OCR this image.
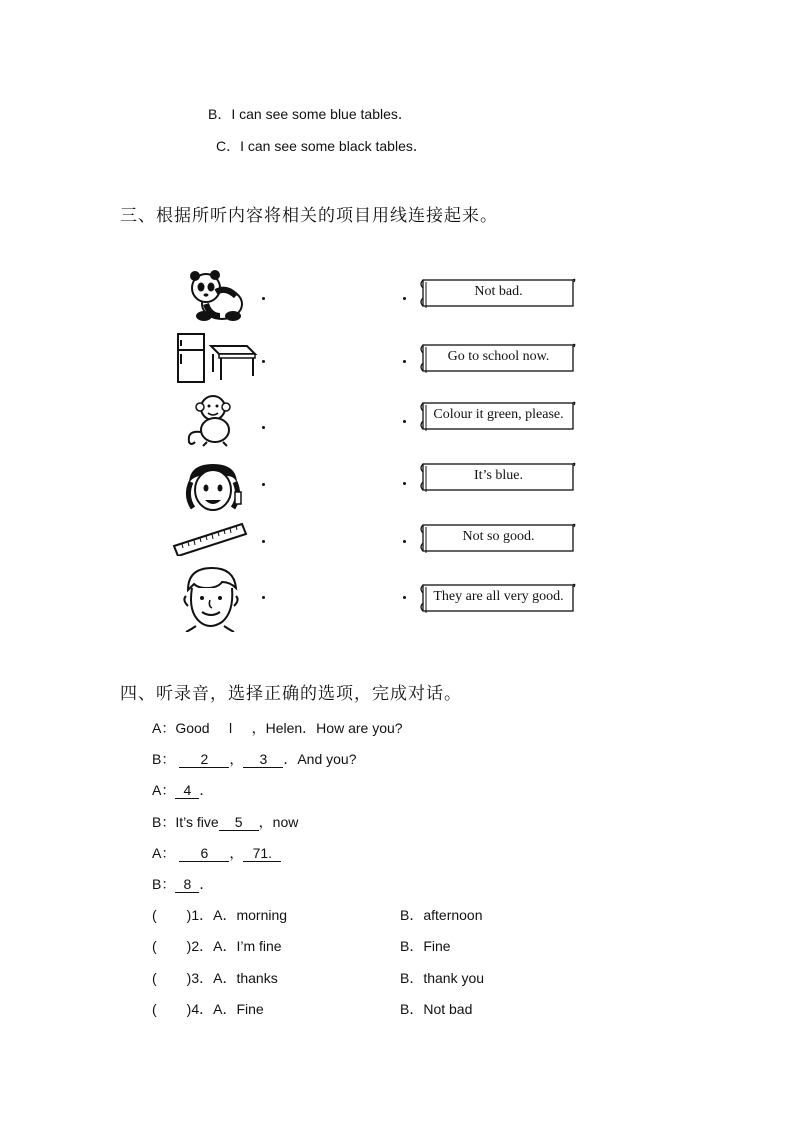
B．I can see some blue tables．
C．I can see some black tables．
三、根据所听内容将相关的项目用线连接起来。
Not bad.
Go to school now.
Colour it green, please.
It’s blue.
Not so good.
They are all very good.
四、听录音，选择正确的选项，完成对话。
A：Good l ，Helen．How are you?
B： 2 ， 3 ．And you?
A： 4 ．
B：It’s five 5 ，now
A： 6 ， 71.
B： 8 ．
( )1．A．morning	B．afternoon
( )2．A．I’m fine	B．Fine
( )3．A．thanks	B．thank you
( )4．A．Fine	B．Not bad
